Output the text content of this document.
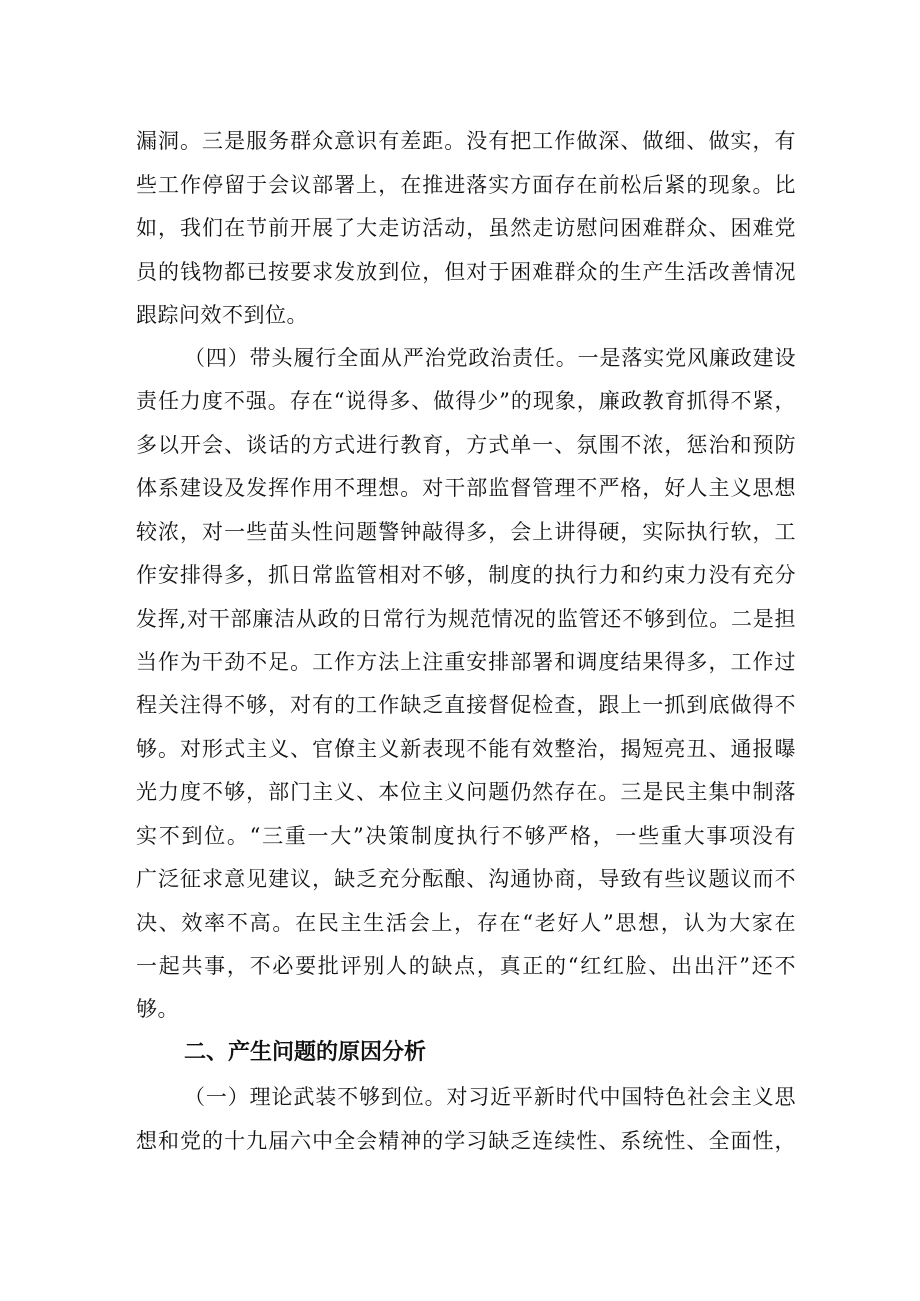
漏洞。三是服务群众意识有差距。没有把工作做深、做细、做实，有
些工作停留于会议部署上，在推进落实方面存在前松后紧的现象。比
如，我们在节前开展了大走访活动，虽然走访慰问困难群众、困难党
员的钱物都已按要求发放到位，但对于困难群众的生产生活改善情况
跟踪问效不到位。
（四）带头履行全面从严治党政治责任。一是落实党风廉政建设
责任力度不强。存在“说得多、做得少”的现象，廉政教育抓得不紧，
多以开会、谈话的方式进行教育，方式单一、氛围不浓，惩治和预防
体系建设及发挥作用不理想。对干部监督管理不严格，好人主义思想
较浓，对一些苗头性问题警钟敲得多，会上讲得硬，实际执行软，工
作安排得多，抓日常监管相对不够，制度的执行力和约束力没有充分
发挥,对干部廉洁从政的日常行为规范情况的监管还不够到位。二是担
当作为干劲不足。工作方法上注重安排部署和调度结果得多，工作过
程关注得不够，对有的工作缺乏直接督促检查，跟上一抓到底做得不
够。对形式主义、官僚主义新表现不能有效整治，揭短亮丑、通报曝
光力度不够，部门主义、本位主义问题仍然存在。三是民主集中制落
实不到位。“三重一大”决策制度执行不够严格，一些重大事项没有
广泛征求意见建议，缺乏充分酝酿、沟通协商，导致有些议题议而不
决、效率不高。在民主生活会上，存在“老好人”思想，认为大家在
一起共事，不必要批评别人的缺点，真正的“红红脸、出出汗”还不
够。
二、产生问题的原因分析
（一）理论武装不够到位。对习近平新时代中国特色社会主义思
想和党的十九届六中全会精神的学习缺乏连续性、系统性、全面性，
